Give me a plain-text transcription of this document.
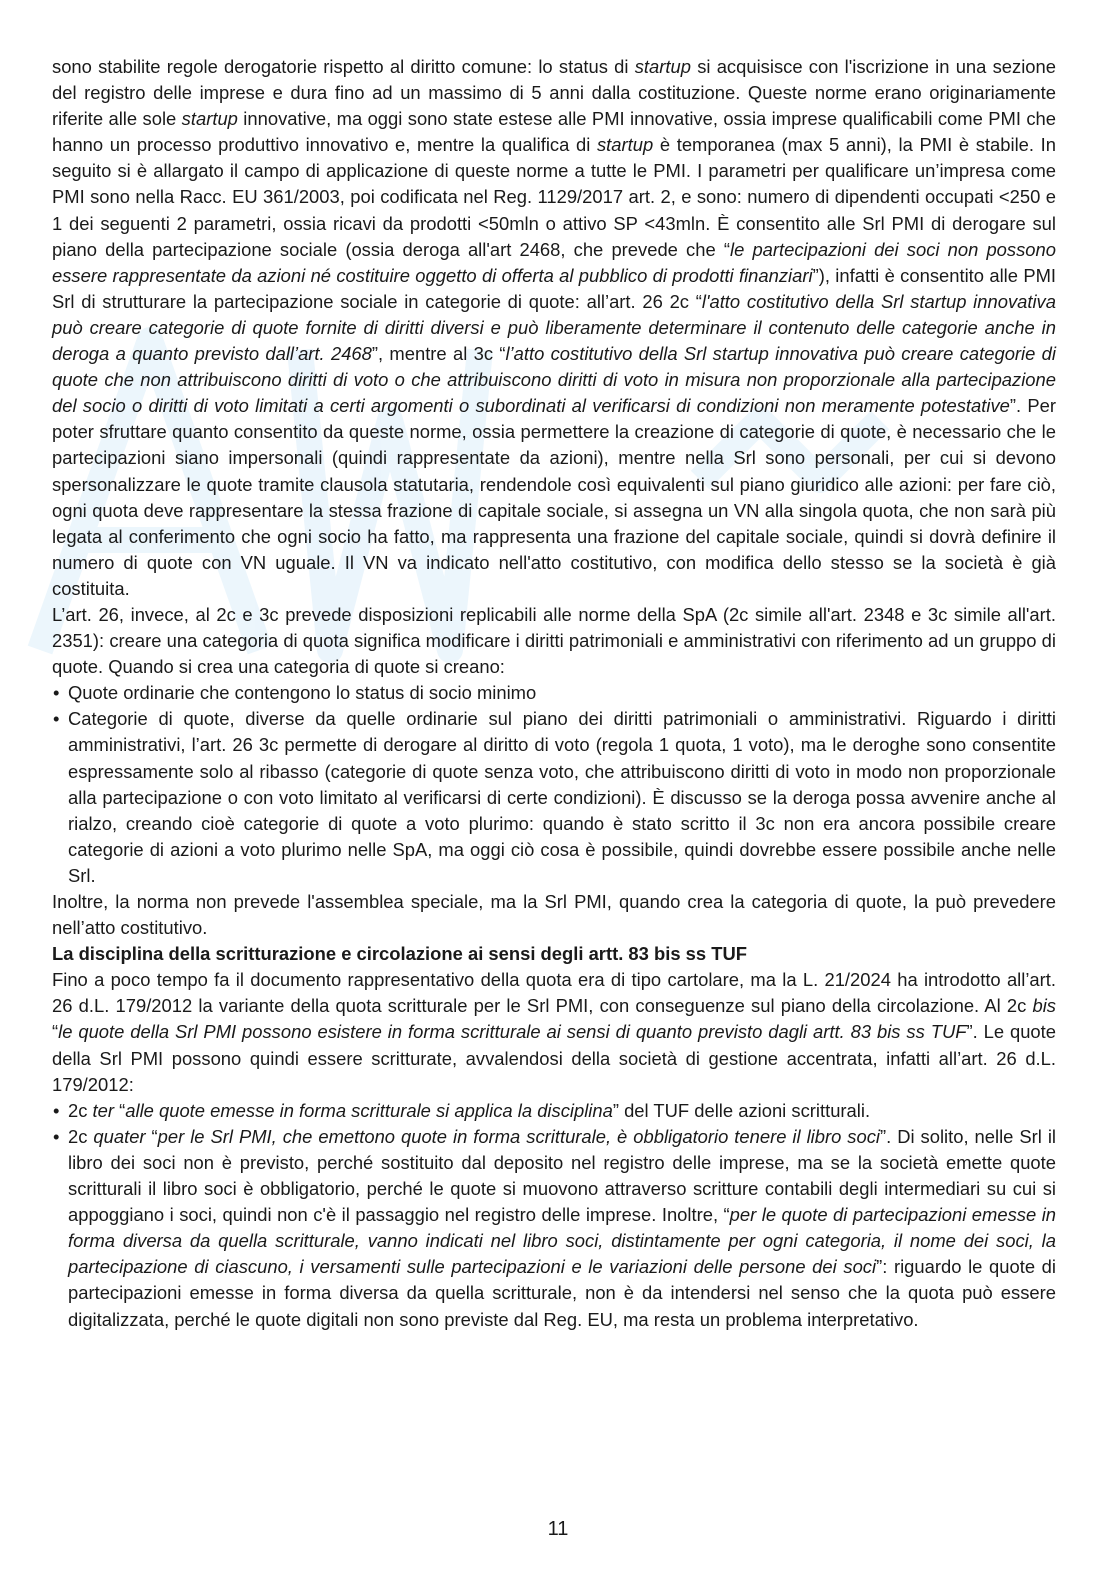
sono stabilite regole derogatorie rispetto al diritto comune: lo status di startup si acquisisce con l'iscrizione in una sezione del registro delle imprese e dura fino ad un massimo di 5 anni dalla costituzione. Queste norme erano originariamente riferite alle sole startup innovative, ma oggi sono state estese alle PMI innovative, ossia imprese qualificabili come PMI che hanno un processo produttivo innovativo e, mentre la qualifica di startup è temporanea (max 5 anni), la PMI è stabile. In seguito si è allargato il campo di applicazione di queste norme a tutte le PMI. I parametri per qualificare un’impresa come PMI sono nella Racc. EU 361/2003, poi codificata nel Reg. 1129/2017 art. 2, e sono: numero di dipendenti occupati <250 e 1 dei seguenti 2 parametri, ossia ricavi da prodotti <50mln o attivo SP <43mln. È consentito alle Srl PMI di derogare sul piano della partecipazione sociale (ossia deroga all'art 2468, che prevede che “le partecipazioni dei soci non possono essere rappresentate da azioni né costituire oggetto di offerta al pubblico di prodotti finanziari”), infatti è consentito alle PMI Srl di strutturare la partecipazione sociale in categorie di quote: all’art. 26 2c “l'atto costitutivo della Srl startup innovativa può creare categorie di quote fornite di diritti diversi e può liberamente determinare il contenuto delle categorie anche in deroga a quanto previsto dall’art. 2468”, mentre al 3c “l’atto costitutivo della Srl startup innovativa può creare categorie di quote che non attribuiscono diritti di voto o che attribuiscono diritti di voto in misura non proporzionale alla partecipazione del socio o diritti di voto limitati a certi argomenti o subordinati al verificarsi di condizioni non meramente potestative”. Per poter sfruttare quanto consentito da queste norme, ossia permettere la creazione di categorie di quote, è necessario che le partecipazioni siano impersonali (quindi rappresentate da azioni), mentre nella Srl sono personali, per cui si devono spersonalizzare le quote tramite clausola statutaria, rendendole così equivalenti sul piano giuridico alle azioni: per fare ciò, ogni quota deve rappresentare la stessa frazione di capitale sociale, si assegna un VN alla singola quota, che non sarà più legata al conferimento che ogni socio ha fatto, ma rappresenta una frazione del capitale sociale, quindi si dovrà definire il numero di quote con VN uguale. Il VN va indicato nell'atto costitutivo, con modifica dello stesso se la società è già costituita.

L’art. 26, invece, al 2c e 3c prevede disposizioni replicabili alle norme della SpA (2c simile all'art. 2348 e 3c simile all'art. 2351): creare una categoria di quota significa modificare i diritti patrimoniali e amministrativi con riferimento ad un gruppo di quote. Quando si crea una categoria di quote si creano:

• Quote ordinarie che contengono lo status di socio minimo
• Categorie di quote, diverse da quelle ordinarie sul piano dei diritti patrimoniali o amministrativi. Riguardo i diritti amministrativi, l’art. 26 3c permette di derogare al diritto di voto (regola 1 quota, 1 voto), ma le deroghe sono consentite espressamente solo al ribasso (categorie di quote senza voto, che attribuiscono diritti di voto in modo non proporzionale alla partecipazione o con voto limitato al verificarsi di certe condizioni). È discusso se la deroga possa avvenire anche al rialzo, creando cioè categorie di quote a voto plurimo: quando è stato scritto il 3c non era ancora possibile creare categorie di azioni a voto plurimo nelle SpA, ma oggi ciò cosa è possibile, quindi dovrebbe essere possibile anche nelle Srl.

Inoltre, la norma non prevede l'assemblea speciale, ma la Srl PMI, quando crea la categoria di quote, la può prevedere nell’atto costitutivo.

La disciplina della scritturazione e circolazione ai sensi degli artt. 83 bis ss TUF

Fino a poco tempo fa il documento rappresentativo della quota era di tipo cartolare, ma la L. 21/2024 ha introdotto all’art. 26 d.L. 179/2012 la variante della quota scritturale per le Srl PMI, con conseguenze sul piano della circolazione. Al 2c bis “le quote della Srl PMI possono esistere in forma scritturale ai sensi di quanto previsto dagli artt. 83 bis ss TUF”. Le quote della Srl PMI possono quindi essere scritturate, avvalendosi della società di gestione accentrata, infatti all’art. 26 d.L. 179/2012:

• 2c ter “alle quote emesse in forma scritturale si applica la disciplina” del TUF delle azioni scritturali.
• 2c quater “per le Srl PMI, che emettono quote in forma scritturale, è obbligatorio tenere il libro soci”. Di solito, nelle Srl il libro dei soci non è previsto, perché sostituito dal deposito nel registro delle imprese, ma se la società emette quote scritturali il libro soci è obbligatorio, perché le quote si muovono attraverso scritture contabili degli intermediari su cui si appoggiano i soci, quindi non c'è il passaggio nel registro delle imprese. Inoltre, “per le quote di partecipazioni emesse in forma diversa da quella scritturale, vanno indicati nel libro soci, distintamente per ogni categoria, il nome dei soci, la partecipazione di ciascuno, i versamenti sulle partecipazioni e le variazioni delle persone dei soci”: riguardo le quote di partecipazioni emesse in forma diversa da quella scritturale, non è da intendersi nel senso che la quota può essere digitalizzata, perché le quote digitali non sono previste dal Reg. EU, ma resta un problema interpretativo.
11
